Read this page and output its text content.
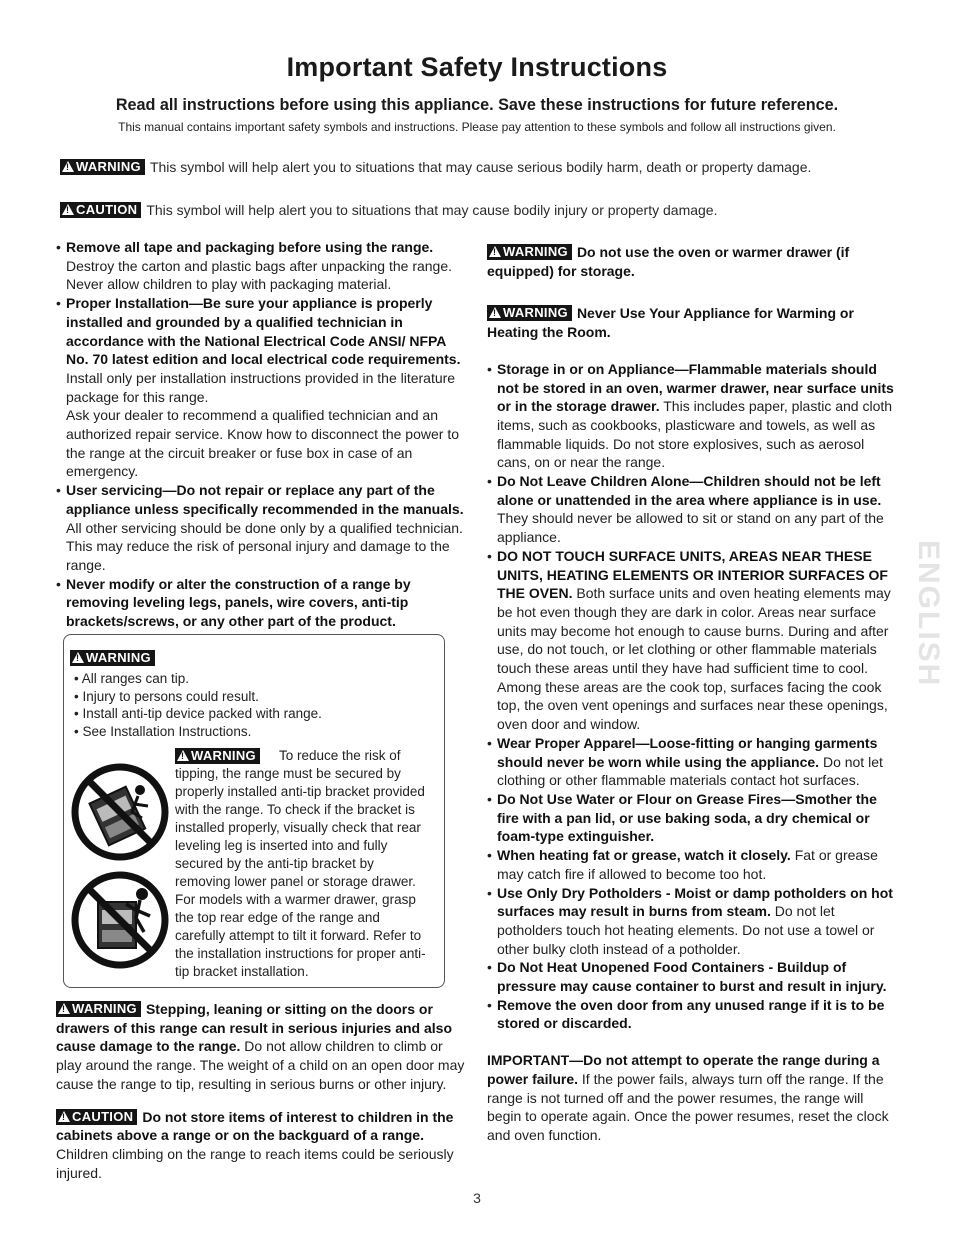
Important Safety Instructions
Read all instructions before using this appliance. Save these instructions for future reference.
This manual contains important safety symbols and instructions. Please pay attention to these symbols and follow all instructions given.
!WARNING This symbol will help alert you to situations that may cause serious bodily harm, death or property damage.
!CAUTION This symbol will help alert you to situations that may cause bodily injury or property damage.

• Remove all tape and packaging before using the range. Destroy the carton and plastic bags after unpacking the range. Never allow children to play with packaging material.

• Proper Installation—Be sure your appliance is properly installed and grounded by a qualified technician in accordance with the National Electrical Code ANSI/ NFPA No. 70 latest edition and local electrical code requirements. Install only per installation instructions provided in the literature package for this range.

Ask your dealer to recommend a qualified technician and an authorized repair service. Know how to disconnect the power to the range at the circuit breaker or fuse box in case of an emergency.

• User servicing—Do not repair or replace any part of the appliance unless specifically recommended in the manuals. All other servicing should be done only by a qualified technician. This may reduce the risk of personal injury and damage to the range.

• Never modify or alter the construction of a range by removing leveling legs, panels, wire covers, anti-tip brackets/screws, or any other part of the product.

!WARNING
• All ranges can tip.
• Injury to persons could result.
• Install anti-tip device packed with range.
• See Installation Instructions.
!WARNING	To reduce the risk of tipping, the range must be secured by properly installed anti-tip bracket provided with the range. To check if the bracket is installed properly, visually check that rear leveling leg is inserted into and fully secured by the anti-tip bracket by removing lower panel or storage drawer. For models with a warmer drawer, grasp the top rear edge of the range and carefully attempt to tilt it forward. Refer to the installation instructions for proper anti-tip bracket installation.

!WARNING Stepping, leaning or sitting on the doors or drawers of this range can result in serious injuries and also cause damage to the range. Do not allow children to climb or play around the range. The weight of a child on an open door may cause the range to tip, resulting in serious burns or other injury.

!CAUTION Do not store items of interest to children in the cabinets above a range or on the backguard of a range. Children climbing on the range to reach items could be seriously injured.

!WARNING Do not use the oven or warmer drawer (if equipped) for storage.

!WARNING Never Use Your Appliance for Warming or Heating the Room.

• Storage in or on Appliance—Flammable materials should not be stored in an oven, warmer drawer, near surface units or in the storage drawer. This includes paper, plastic and cloth items, such as cookbooks, plasticware and towels, as well as flammable liquids. Do not store explosives, such as aerosol cans, on or near the range.

• Do Not Leave Children Alone—Children should not be left alone or unattended in the area where appliance is in use. They should never be allowed to sit or stand on any part of the appliance.

• DO NOT TOUCH SURFACE UNITS, AREAS NEAR THESE UNITS, HEATING ELEMENTS OR INTERIOR SURFACES OF THE OVEN. Both surface units and oven heating elements may be hot even though they are dark in color. Areas near surface units may become hot enough to cause burns. During and after use, do not touch, or let clothing or other flammable materials touch these areas until they have had sufficient time to cool. Among these areas are the cook top, surfaces facing the cook top, the oven vent openings and surfaces near these openings, oven door and window.

• Wear Proper Apparel—Loose-fitting or hanging garments should never be worn while using the appliance. Do not let clothing or other flammable materials contact hot surfaces.

• Do Not Use Water or Flour on Grease Fires—Smother the fire with a pan lid, or use baking soda, a dry chemical or foam-type extinguisher.

• When heating fat or grease, watch it closely. Fat or grease may catch fire if allowed to become too hot.

• Use Only Dry Potholders - Moist or damp potholders on hot surfaces may result in burns from steam. Do not let potholders touch hot heating elements. Do not use a towel or other bulky cloth instead of a potholder.

• Do Not Heat Unopened Food Containers - Buildup of pressure may cause container to burst and result in injury.

• Remove the oven door from any unused range if it is to be stored or discarded.

IMPORTANT—Do not attempt to operate the range during a power failure. If the power fails, always turn off the range. If the range is not turned off and the power resumes, the range will begin to operate again. Once the power resumes, reset the clock and oven function.

ENGLISH
3
